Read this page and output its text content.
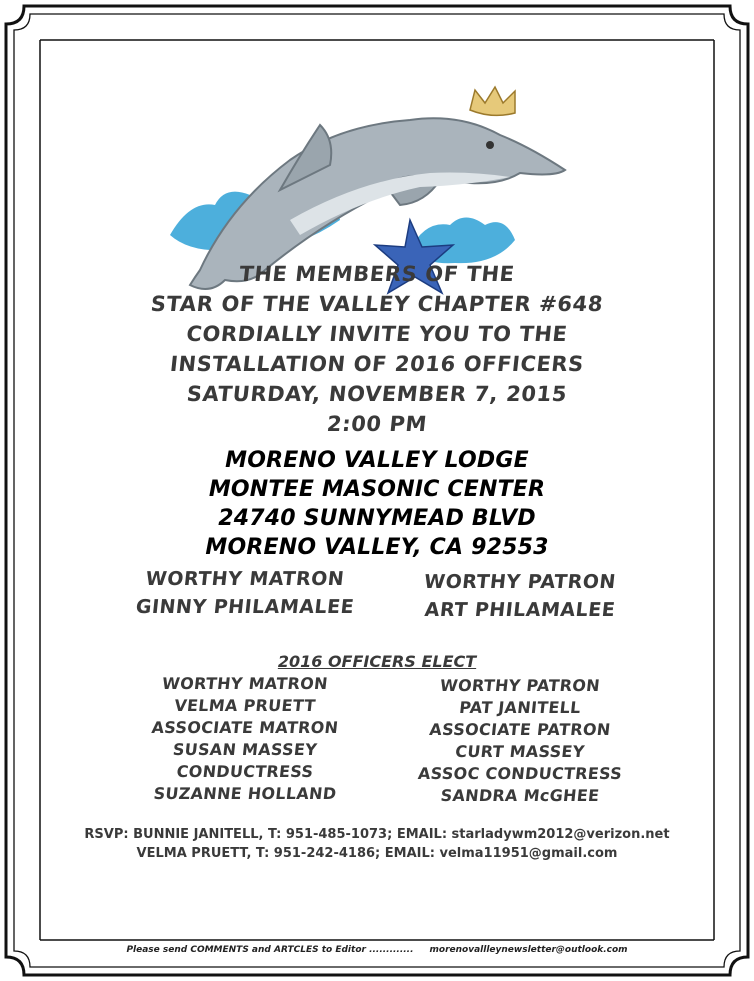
THE MEMBERS OF THE
STAR OF THE VALLEY CHAPTER #648
CORDIALLY INVITE YOU TO THE
INSTALLATION OF 2016 OFFICERS
SATURDAY, NOVEMBER 7, 2015
2:00 PM
MORENO VALLEY LODGE
MONTEE MASONIC CENTER
24740 SUNNYMEAD BLVD
MORENO VALLEY, CA 92553
WORTHY MATRON
GINNY PHILAMALEE
WORTHY PATRON
ART PHILAMALEE
2016 OFFICERS ELECT
WORTHY MATRON
VELMA PRUETT
ASSOCIATE MATRON
SUSAN MASSEY
CONDUCTRESS
SUZANNE HOLLAND
WORTHY PATRON
PAT JANITELL
ASSOCIATE PATRON
CURT MASSEY
ASSOC CONDUCTRESS
SANDRA McGHEE
RSVP: BUNNIE JANITELL, T: 951-485-1073; EMAIL: starladywm2012@verizon.net
VELMA PRUETT, T: 951-242-4186; EMAIL: velma11951@gmail.com
Please send COMMENTS and ARTCLES to Editor ............. morenovallleynewsletter@outlook.com
